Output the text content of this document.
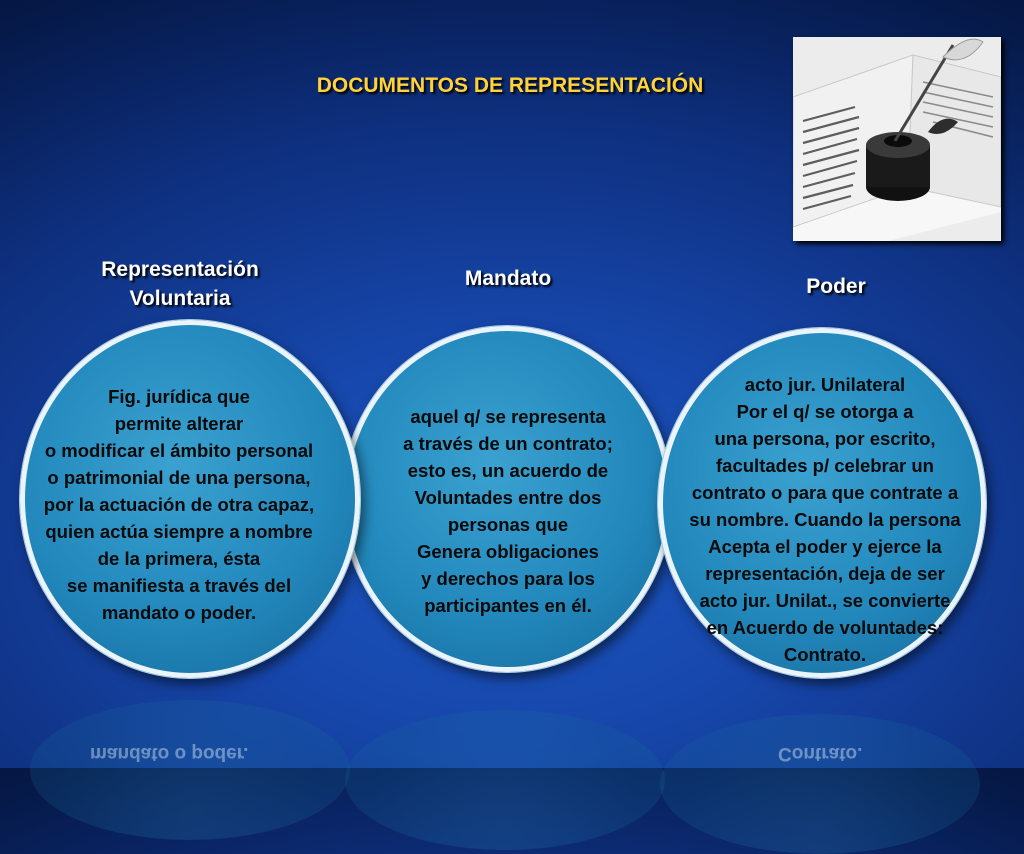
DOCUMENTOS DE REPRESENTACIÓN
Representación
Voluntaria
Mandato	Poder
mandato o poder.	Contrato.
Fig. jurídica que
permite alterar
o modificar el ámbito personal
o patrimonial de una persona,
por la actuación de otra capaz,
quien actúa siempre a nombre
de la primera, ésta
se manifiesta a través del
mandato o poder.
aquel q/ se representa
a través de un contrato;
esto es, un acuerdo de
Voluntades entre dos
personas que
Genera obligaciones
y derechos para los
participantes en él.
acto jur. Unilateral
Por el q/ se otorga a
una persona, por escrito,
facultades p/ celebrar un
contrato o para que contrate a
su nombre. Cuando la persona
Acepta el poder y ejerce la
representación, deja de ser
acto jur. Unilat., se convierte
en Acuerdo de voluntades:
Contrato.
